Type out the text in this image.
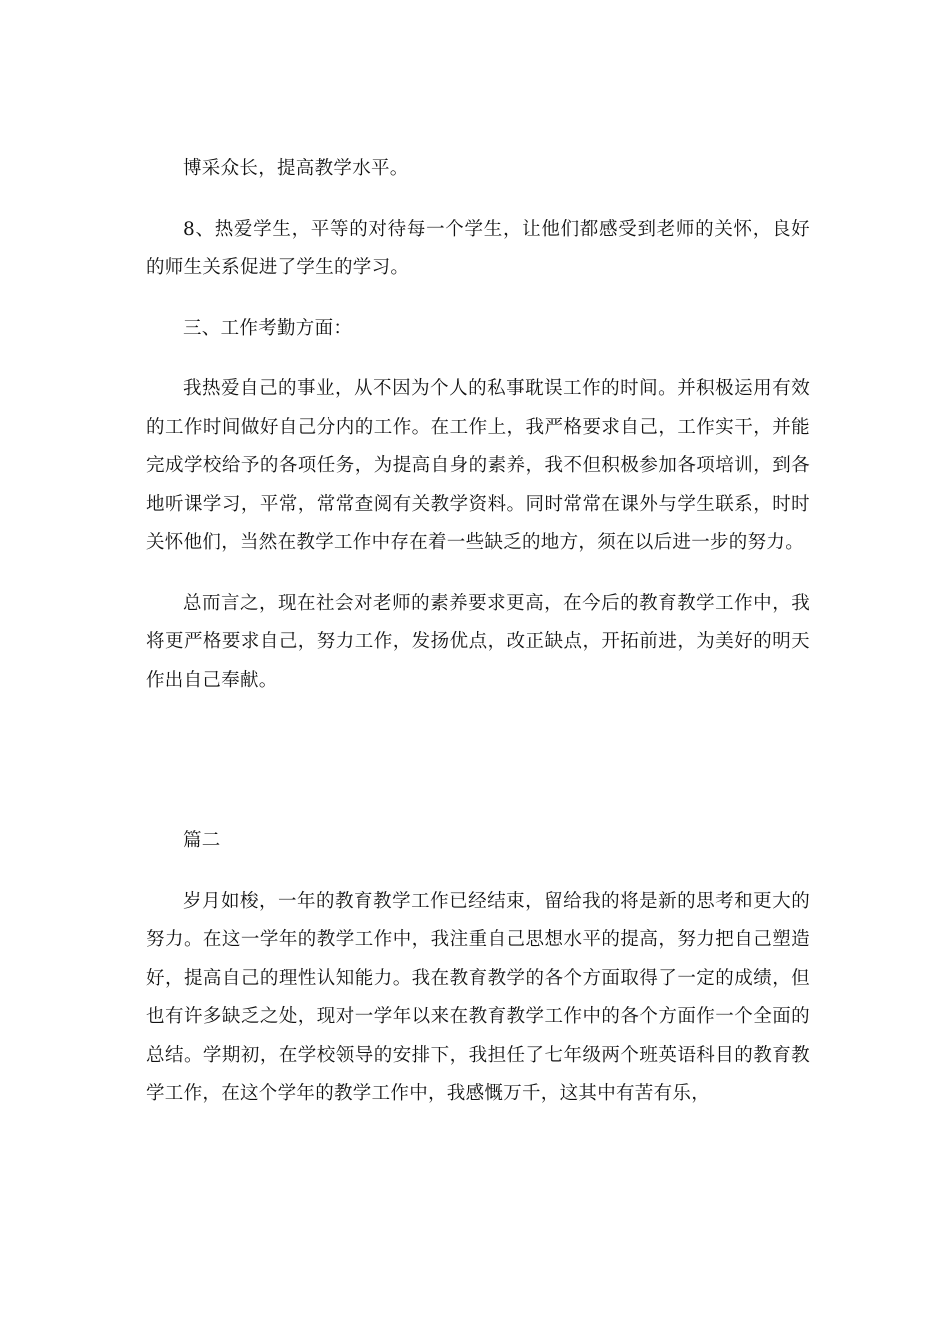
博采众长，提高教学水平。

8、热爱学生，平等的对待每一个学生，让他们都感受到老师的关怀，良好的师生关系促进了学生的学习。

三、工作考勤方面：

我热爱自己的事业，从不因为个人的私事耽误工作的时间。并积极运用有效的工作时间做好自己分内的工作。在工作上，我严格要求自己，工作实干，并能完成学校给予的各项任务，为提高自身的素养，我不但积极参加各项培训，到各地听课学习，平常，常常查阅有关教学资料。同时常常在课外与学生联系，时时关怀他们，当然在教学工作中存在着一些缺乏的地方，须在以后进一步的努力。

总而言之，现在社会对老师的素养要求更高，在今后的教育教学工作中，我将更严格要求自己，努力工作，发扬优点，改正缺点，开拓前进，为美好的明天作出自己奉献。

篇二

岁月如梭，一年的教育教学工作已经结束，留给我的将是新的思考和更大的努力。在这一学年的教学工作中，我注重自己思想水平的提高，努力把自己塑造好，提高自己的理性认知能力。我在教育教学的各个方面取得了一定的成绩，但也有许多缺乏之处，现对一学年以来在教育教学工作中的各个方面作一个全面的总结。学期初，在学校领导的安排下，我担任了七年级两个班英语科目的教育教学工作，在这个学年的教学工作中，我感慨万千，这其中有苦有乐，
